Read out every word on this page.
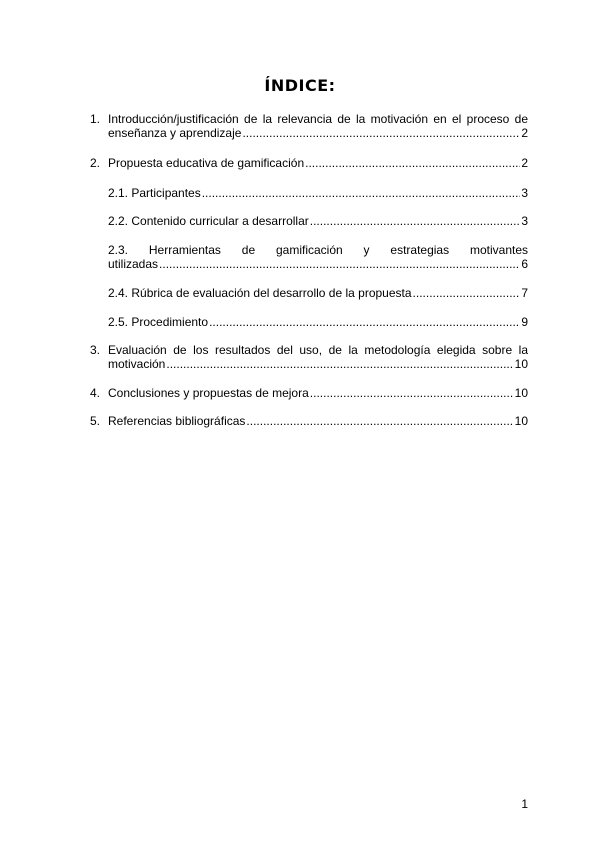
ÍNDICE:
1. Introducción/justificación de la relevancia de la motivación en el proceso de
enseñanza y aprendizaje .....	2
2. Propuesta educativa de gamificación .....	2
2.1. Participantes .....	3
2.2. Contenido curricular a desarrollar .....	3
2.3. Herramientas de gamificación y estrategias motivantes
utilizadas .....	6
2.4. Rúbrica de evaluación del desarrollo de la propuesta .....	7
2.5. Procedimiento .....	9
3. Evaluación de los resultados del uso, de la metodología elegida sobre la
motivación .....	10
4. Conclusiones y propuestas de mejora .....	10
5. Referencias bibliográficas .....	10
1
